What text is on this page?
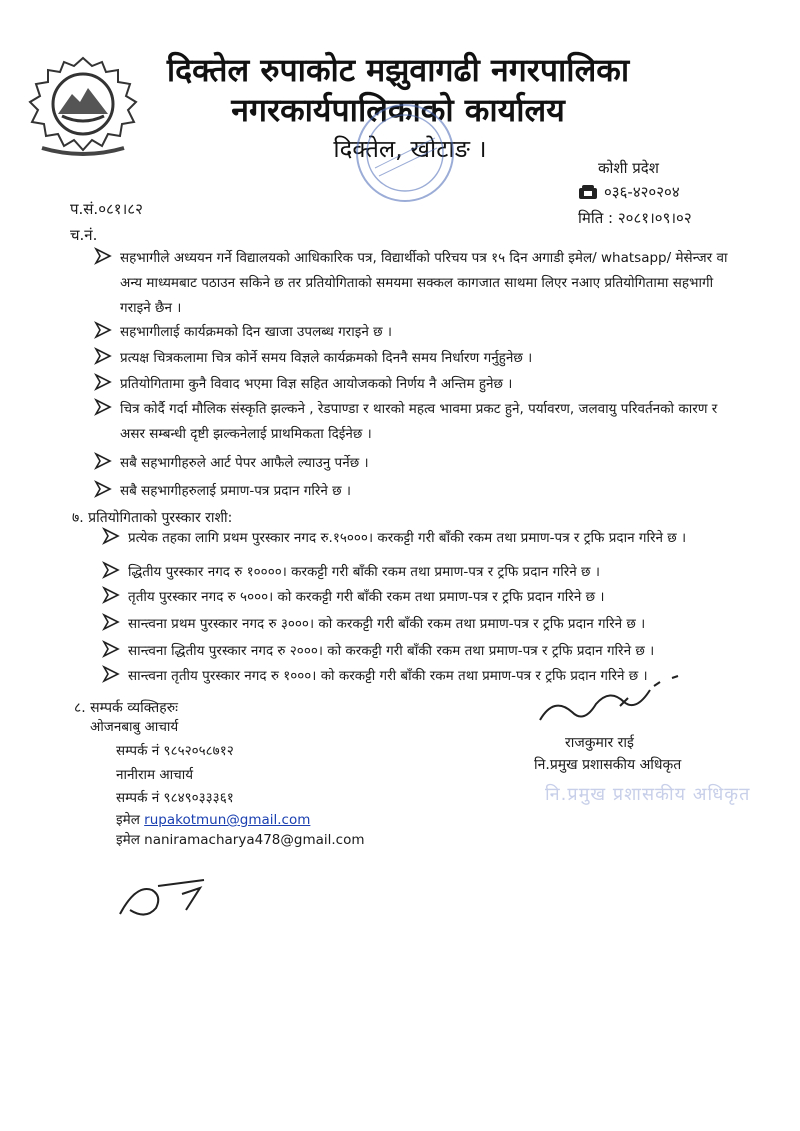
दिक्तेल रुपाकोट मझुवागढी नगरपालिका
नगरकार्यपालिकाको कार्यालय
दिक्तेल, खोटाङ ।
कोशी प्रदेश
०३६-४२०२०४
मिति : २०८१।०९।०२
प.सं.०८१।८२
च.नं.
सहभागीले अध्ययन गर्ने विद्यालयको आधिकारिक पत्र, विद्यार्थीको परिचय पत्र १५ दिन अगाडी इमेल/ whatsapp/ मेसेन्जर वा अन्य माध्यमबाट पठाउन सकिने छ तर प्रतियोगिताको समयमा सक्कल कागजात साथमा लिएर नआए प्रतियोगितामा सहभागी गराइने छैन ।
सहभागीलाई कार्यक्रमको दिन खाजा उपलब्ध गराइने छ ।
प्रत्यक्ष चित्रकलामा चित्र कोर्ने समय विज्ञले कार्यक्रमको दिननै समय निर्धारण गर्नुहुनेछ ।
प्रतियोगितामा कुनै विवाद भएमा विज्ञ सहित आयोजकको निर्णय नै अन्तिम हुनेछ ।
चित्र कोर्दै गर्दा मौलिक संस्कृति झल्कने , रेडपाण्डा र थारको महत्व भावमा प्रकट हुने, पर्यावरण, जलवायु परिवर्तनको कारण र असर सम्बन्धी दृष्टी झल्कनेलाई प्राथमिकता दिईनेछ ।
सबै सहभागीहरुले आर्ट पेपर आफैले ल्याउनु पर्नेछ ।
सबै सहभागीहरुलाई प्रमाण-पत्र प्रदान गरिने छ ।
७. प्रतियोगिताको पुरस्कार राशी:
प्रत्येक तहका लागि प्रथम पुरस्कार नगद रु.१५०००। करकट्टी गरी बाँकी रकम तथा प्रमाण-पत्र र ट्रफि प्रदान गरिने छ ।
द्धितीय पुरस्कार नगद रु १००००। करकट्टी गरी बाँकी रकम तथा प्रमाण-पत्र र ट्रफि प्रदान गरिने छ ।
तृतीय पुरस्कार नगद रु ५०००। को करकट्टी गरी बाँकी रकम तथा प्रमाण-पत्र र ट्रफि प्रदान गरिने छ ।
सान्त्वना प्रथम पुरस्कार नगद रु ३०००। को करकट्टी गरी बाँकी रकम तथा प्रमाण-पत्र र ट्रफि प्रदान गरिने छ ।
सान्त्वना द्धितीय पुरस्कार नगद रु २०००। को करकट्टी गरी बाँकी रकम तथा प्रमाण-पत्र र ट्रफि प्रदान गरिने छ ।
सान्त्वना तृतीय पुरस्कार नगद रु १०००। को करकट्टी गरी बाँकी रकम तथा प्रमाण-पत्र र ट्रफि प्रदान गरिने छ ।
८. सम्पर्क व्यक्तिहरुः
ओजनबाबु आचार्य
सम्पर्क नं ९८५२०५८७१२
नानीराम आचार्य
सम्पर्क नं ९८४९०३३३६१
इमेल rupakotmun@gmail.com
इमेल naniramacharya478@gmail.com
राजकुमार राई
नि.प्रमुख प्रशासकीय अधिकृत
नि.प्रमुख प्रशासकीय अधिकृत
